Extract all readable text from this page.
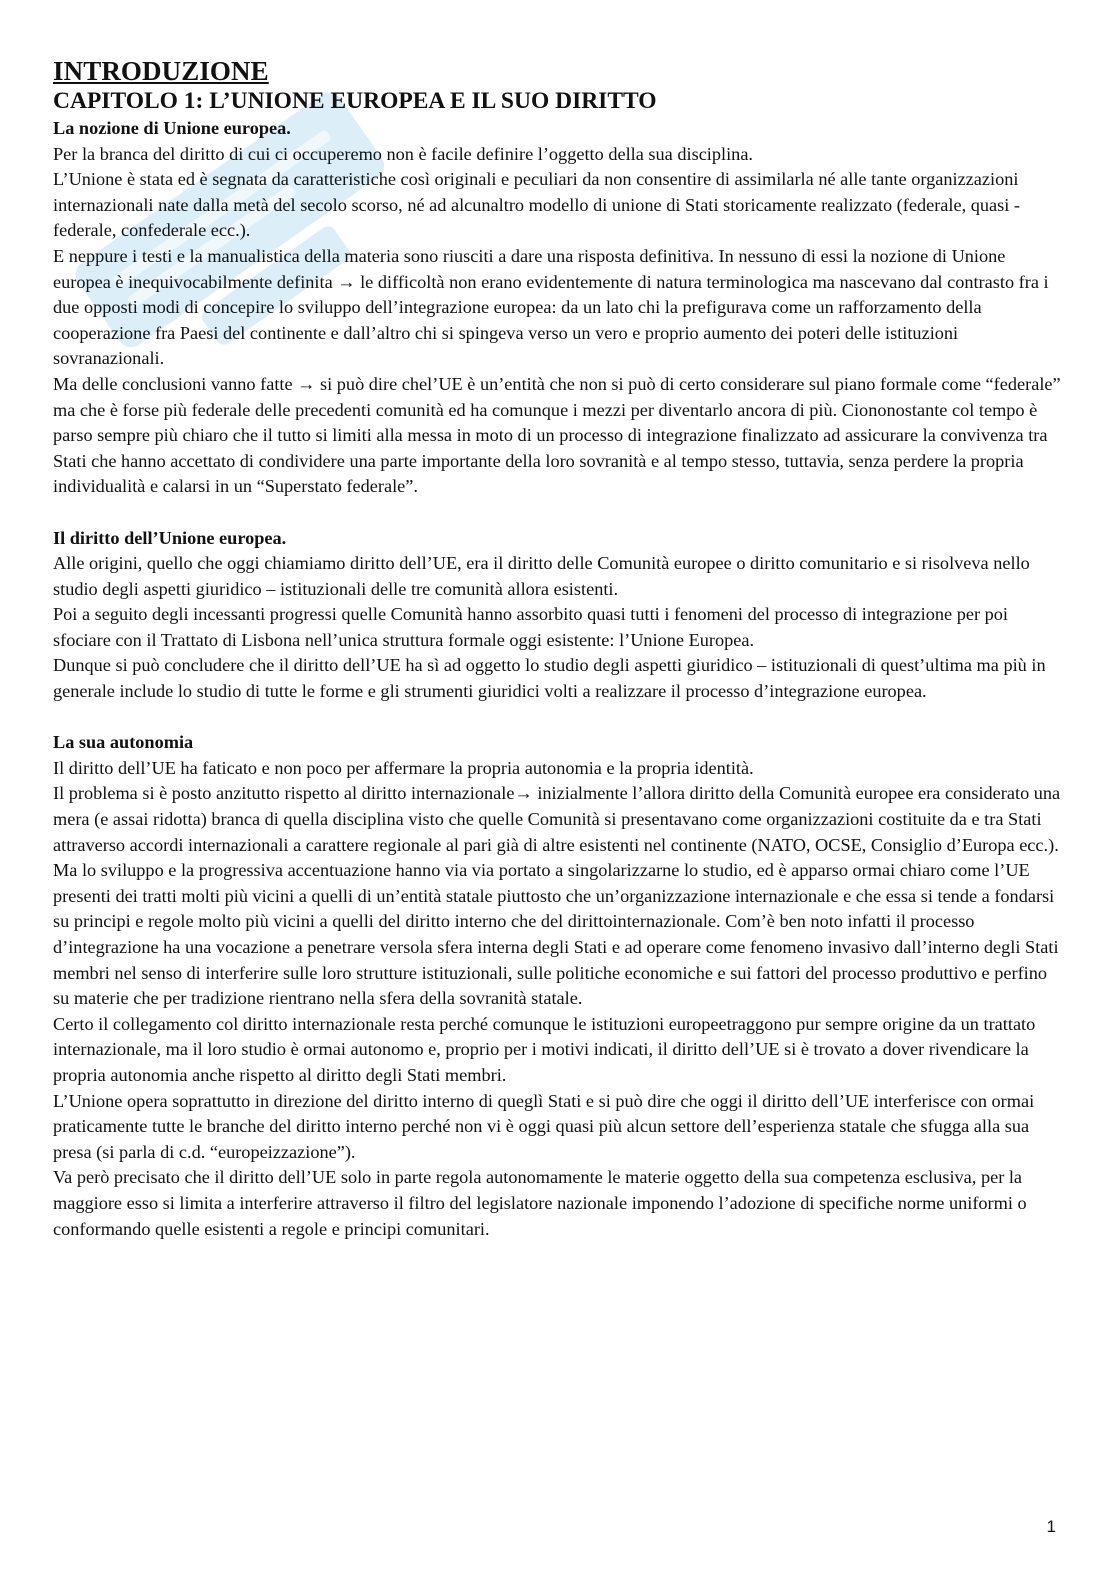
INTRODUZIONE
CAPITOLO 1: L’UNIONE EUROPEA E IL SUO DIRITTO
La nozione di Unione europea.

Per la branca del diritto di cui ci occuperemo non è facile definire l’oggetto della sua disciplina.

L’Unione è stata ed è segnata da caratteristiche così originali e peculiari da non consentire di assimilarla né alle tante organizzazioni internazionali nate dalla metà del secolo scorso, né ad alcunaltro modello di unione di Stati storicamente realizzato (federale, quasi - federale, confederale ecc.).

E neppure i testi e la manualistica della materia sono riusciti a dare una risposta definitiva. In nessuno di essi la nozione di Unione europea è inequivocabilmente definita → le difficoltà non erano evidentemente di natura terminologica ma nascevano dal contrasto fra i due opposti modi di concepire lo sviluppo dell’integrazione europea: da un lato chi la prefigurava come un rafforzamento della cooperazione fra Paesi del continente e dall’altro chi si spingeva verso un vero e proprio aumento dei poteri delle istituzioni sovranazionali.

Ma delle conclusioni vanno fatte → si può dire chel’UE è un’entità che non si può di certo considerare sul piano formale come “federale” ma che è forse più federale delle precedenti comunità ed ha comunque i mezzi per diventarlo ancora di più. Ciononostante col tempo è parso sempre più chiaro che il tutto si limiti alla messa in moto di un processo di integrazione finalizzato ad assicurare la convivenza tra Stati che hanno accettato di condividere una parte importante della loro sovranità e al tempo stesso, tuttavia, senza perdere la propria individualità e calarsi in un “Superstato federale”.

Il diritto dell’Unione europea.

Alle origini, quello che oggi chiamiamo diritto dell’UE, era il diritto delle Comunità europee o diritto comunitario e si risolveva nello studio degli aspetti giuridico – istituzionali delle tre comunità allora esistenti.

Poi a seguito degli incessanti progressi quelle Comunità hanno assorbito quasi tutti i fenomeni del processo di integrazione per poi sfociare con il Trattato di Lisbona nell’unica struttura formale oggi esistente: l’Unione Europea.

Dunque si può concludere che il diritto dell’UE ha sì ad oggetto lo studio degli aspetti giuridico – istituzionali di quest’ultima ma più in generale include lo studio di tutte le forme e gli strumenti giuridici volti a realizzare il processo d’integrazione europea.

La sua autonomia

Il diritto dell’UE ha faticato e non poco per affermare la propria autonomia e la propria identità.

Il problema si è posto anzitutto rispetto al diritto internazionale→ inizialmente l’allora diritto della Comunità europee era considerato una mera (e assai ridotta) branca di quella disciplina visto che quelle Comunità si presentavano come organizzazioni costituite da e tra Stati attraverso accordi internazionali a carattere regionale al pari già di altre esistenti nel continente (NATO, OCSE, Consiglio d’Europa ecc.).

Ma lo sviluppo e la progressiva accentuazione hanno via via portato a singolarizzarne lo studio, ed è apparso ormai chiaro come l’UE presenti dei tratti molti più vicini a quelli di un’entità statale piuttosto che un’organizzazione internazionale e che essa si tende a fondarsi su principi e regole molto più vicini a quelli del diritto interno che del dirittointernazionale. Com’è ben noto infatti il processo d’integrazione ha una vocazione a penetrare versola sfera interna degli Stati e ad operare come fenomeno invasivo dall’interno degli Stati membri nel senso di interferire sulle loro strutture istituzionali, sulle politiche economiche e sui fattori del processo produttivo e perfino su materie che per tradizione rientrano nella sfera della sovranità statale.

Certo il collegamento col diritto internazionale resta perché comunque le istituzioni europeetraggono pur sempre origine da un trattato internazionale, ma il loro studio è ormai autonomo e, proprio per i motivi indicati, il diritto dell’UE si è trovato a dover rivendicare la propria autonomia anche rispetto al diritto degli Stati membri.

L’Unione opera soprattutto in direzione del diritto interno di queglì Stati e si può dire che oggi il diritto dell’UE interferisce con ormai praticamente tutte le branche del diritto interno perché non vi è oggi quasi più alcun settore dell’esperienza statale che sfugga alla sua presa (si parla di c.d. “europeizzazione”).

Va però precisato che il diritto dell’UE solo in parte regola autonomamente le materie oggetto della sua competenza esclusiva, per la maggiore esso si limita a interferire attraverso il filtro del legislatore nazionale imponendo l’adozione di specifiche norme uniformi o conformando quelle esistenti a regole e principi comunitari.

1
